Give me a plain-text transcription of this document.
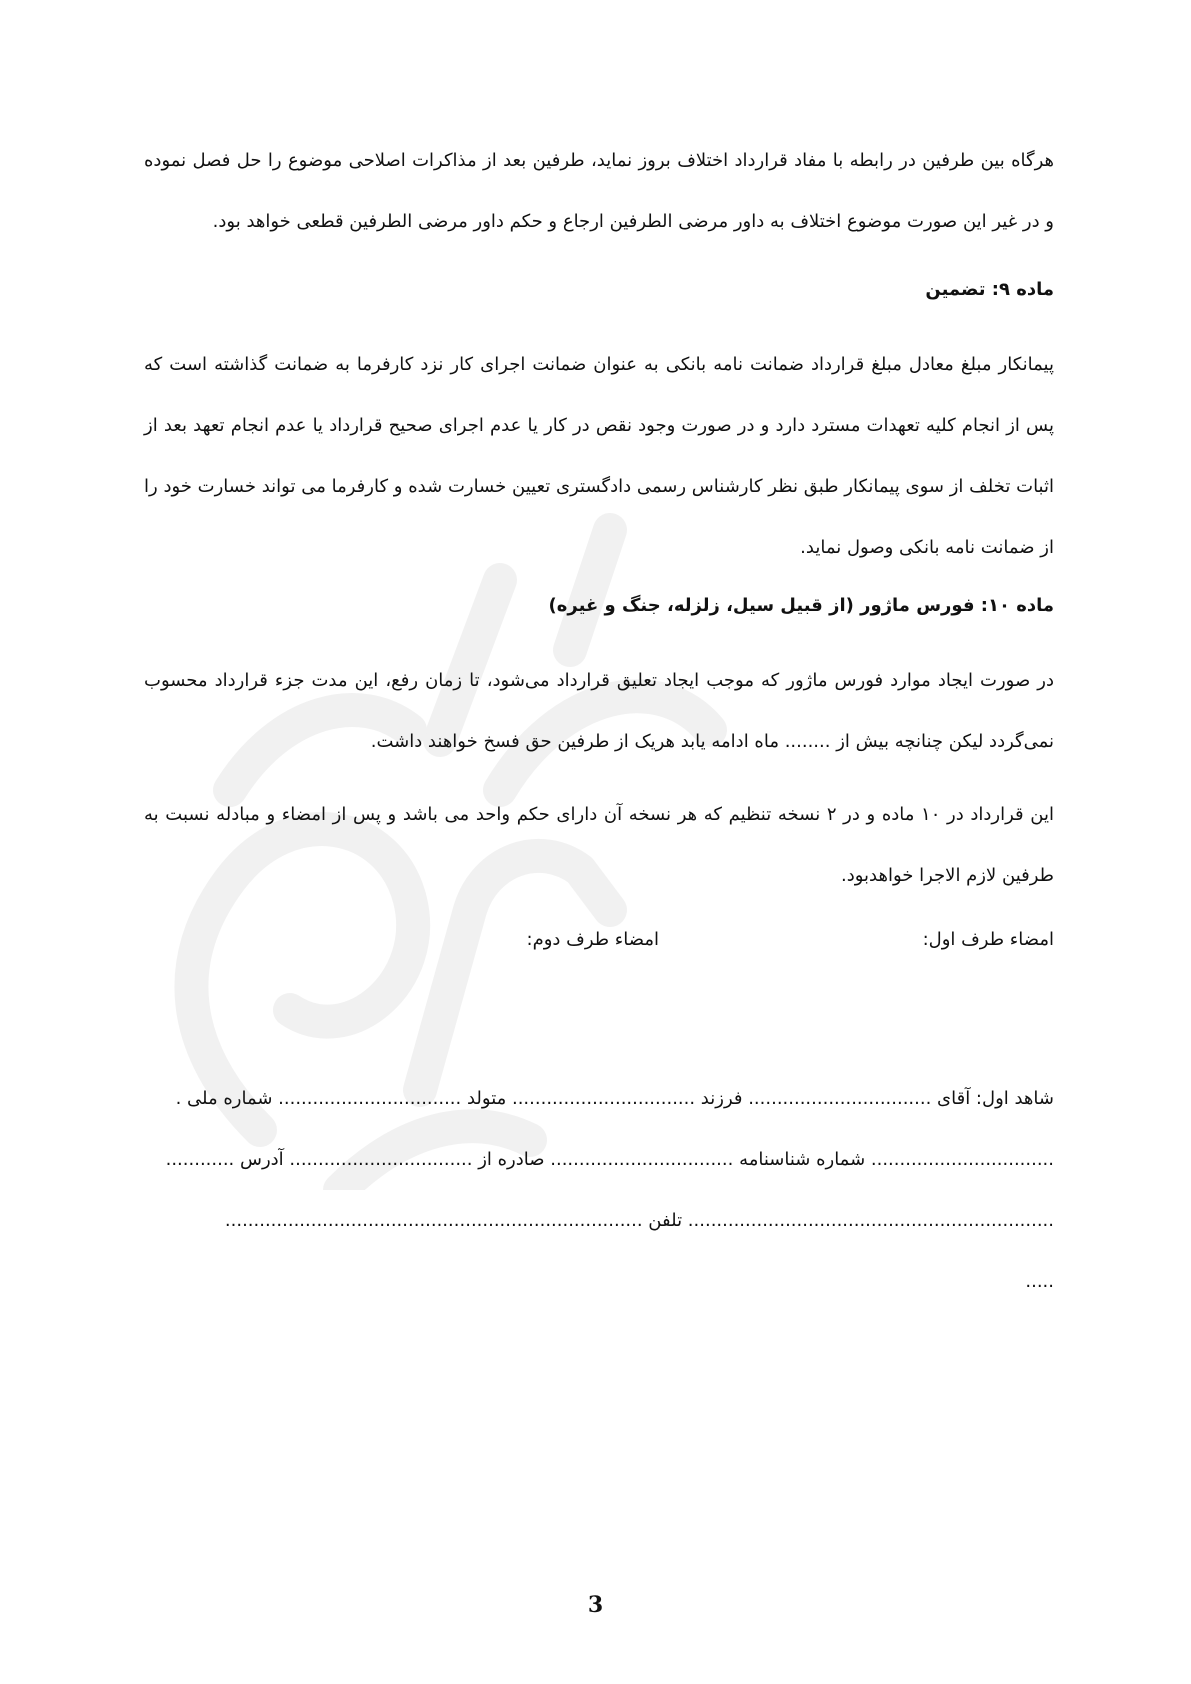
هرگاه بین طرفین در رابطه با مفاد قرارداد اختلاف بروز نماید، طرفین بعد از مذاکرات اصلاحی موضوع را حل فصل نموده و در غیر این صورت موضوع اختلاف به داور مرضی الطرفین ارجاع و حکم داور مرضی الطرفین قطعی خواهد بود.

ماده ۹: تضمین

پیمانکار مبلغ معادل مبلغ قرارداد ضمانت نامه بانکی به عنوان ضمانت اجرای کار نزد کارفرما به ضمانت گذاشته است که پس از انجام کلیه تعهدات مسترد دارد و در صورت وجود نقص در کار یا عدم اجرای صحیح قرارداد یا عدم انجام تعهد بعد از اثبات تخلف از سوی پیمانکار طبق نظر کارشناس رسمی دادگستری تعیین خسارت شده و کارفرما می تواند خسارت خود را از ضمانت نامه بانکی وصول نماید.

ماده ۱۰: فورس ماژور (از قبیل سیل، زلزله، جنگ و غیره)

در صورت ایجاد موارد فورس ماژور که موجب ایجاد تعلیق قرارداد می‌شود، تا زمان رفع، این مدت جزء قرارداد محسوب نمی‌گردد لیکن چنانچه بیش از ........ ماه ادامه یابد هریک از طرفین حق فسخ خواهند داشت.

این قرارداد در ۱۰ ماده و در ۲ نسخه تنظیم که هر نسخه آن دارای حکم واحد می باشد و پس از امضاء و مبادله نسبت به طرفین لازم الاجرا خواهدبود.

امضاء طرف اول:
امضاء طرف دوم:

شاهد اول: آقای ................................ فرزند ................................ متولد ................................ شماره ملی .

................................ شماره شناسنامه ................................ صادره از ................................ آدرس ............

................................................................ تلفن .........................................................................

.....

3
